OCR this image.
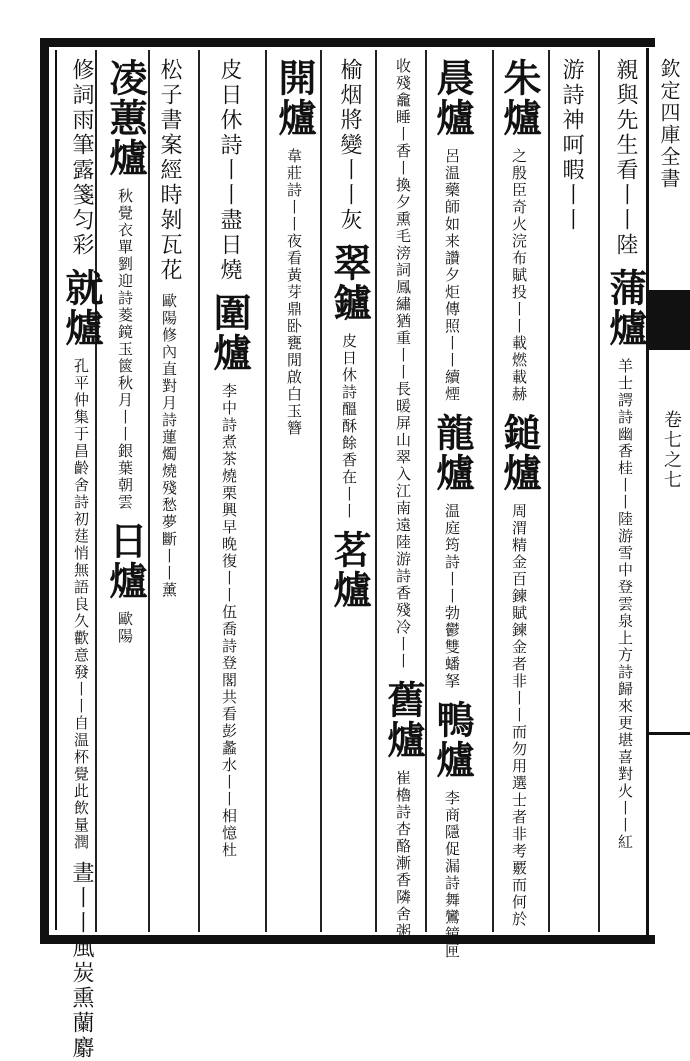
欽定四庫全書
卷七之七
親與先生看丨丨陸 蒲爐 羊士諤詩幽香桂丨丨陸游雪中登雲泉上方詩歸來更堪喜對火丨丨紅
游詩神呵暇丨丨
朱爐 之殷臣奇火浣布賦投丨丨載燃載赫 鎚爐 周渭精金百鍊賦鍊金者非丨丨而勿用選士者非考覈而何於
晨爐 呂温藥師如来讚夕炬傳照丨丨續煙 龍爐 温庭筠詩丨丨勃鬱雙蟠拏 鴨爐 李商隱促漏詩舞鸞鏡匣
收殘龕睡丨香丨換夕熏毛滂詞鳳繡猶重丨丨長暖屏山翠入江南遠陸游詩香殘冷丨丨 舊爐 崔櫓詩杏酪漸香隣舍粥
榆烟將變丨丨灰 翠鑪 皮日休詩醞酥餘香在丨丨 茗爐
開爐 韋莊詩丨丨夜看黃芽鼎卧甕閒啟白玉簪
皮日休詩丨丨盡日燒 圍爐 李中詩煮茶燒栗興早晚復丨丨伍喬詩登閣共看彭蠡水丨丨相憶杜
松子書案經時剝瓦花 歐陽修內直對月詩蓮燭燒殘愁夢斷丨丨薰
凌蕙爐 秋覺衣單劉迎詩菱鏡玉篋秋月丨丨銀葉朝雲 日爐 歐陽
修詞雨筆露箋匀彩 就爐 孔平仲集于昌齡舍詩初莛悄無語良久歡意發丨丨自温杯覺此飲量潤 晝丨丨風炭熏蘭麝
